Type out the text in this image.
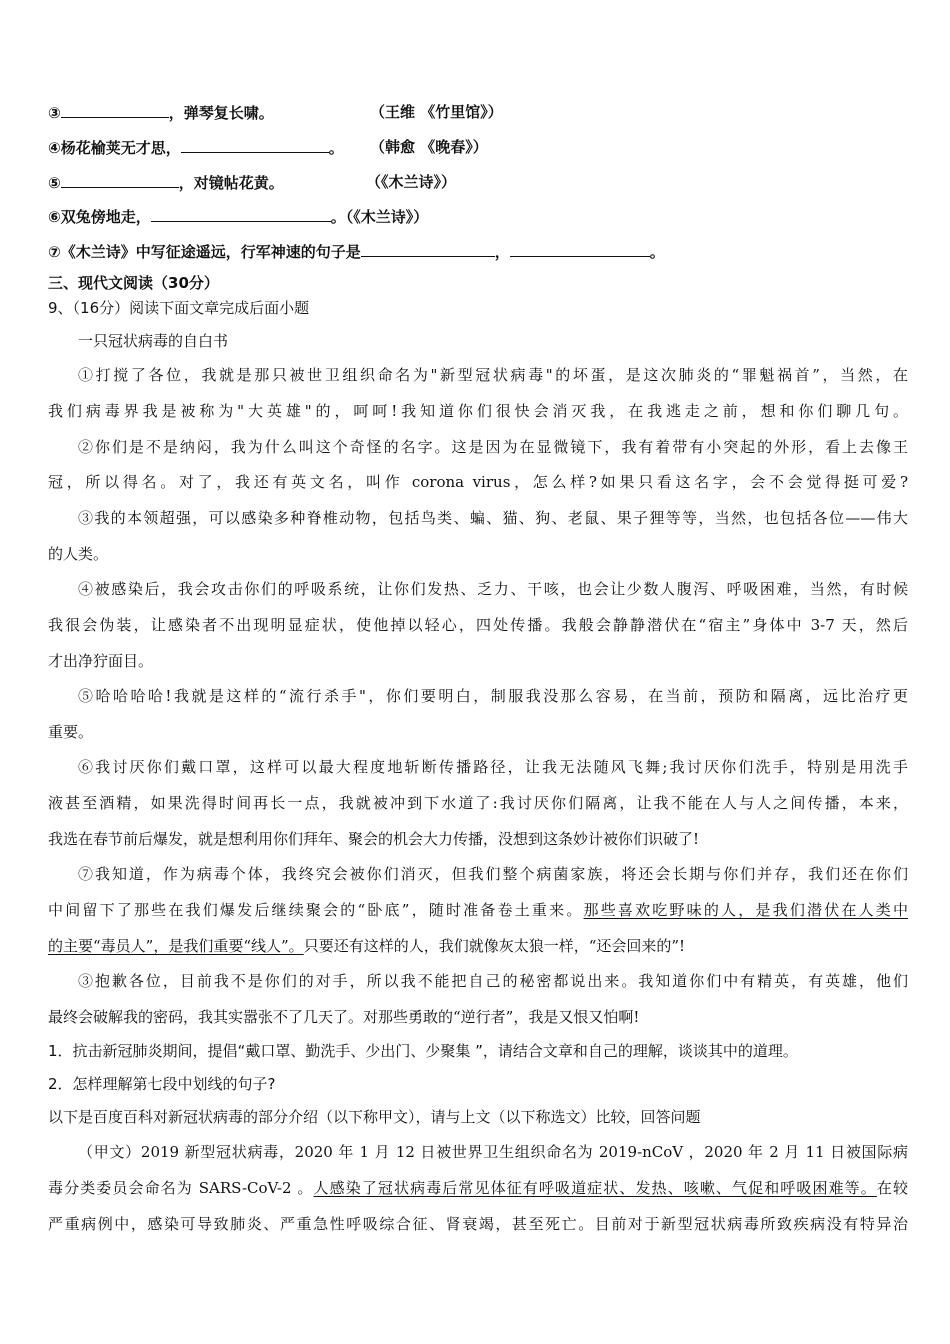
③	，弹琴复长啸。	（王维 《竹里馆》）
④杨花榆荚无才思，	。 （韩愈 《晚春》）
⑤	，对镜帖花黄。	（《木兰诗》）
⑥双兔傍地走，	。（《木兰诗》）
⑦《木兰诗》中写征途遥远，行军神速的句子是	，	。
三、现代文阅读（30分）
9、（16分）阅读下面文章完成后面小题
一只冠状病毒的自白书
①打搅了各位，我就是那只被世卫组织命名为"新型冠状病毒"的坏蛋，是这次肺炎的“罪魁祸首”，当然，在
我们病毒界我是被称为"大英雄"的，呵呵!我知道你们很快会消灭我，在我逃走之前，想和你们聊几句。
②你们是不是纳闷，我为什么叫这个奇怪的名字。这是因为在显微镜下，我有着带有小突起的外形，看上去像王
冠，所以得名。对了，我还有英文名，叫作 corona virus，怎么样?如果只看这名字，会不会觉得挺可爱?
③我的本领超强，可以感染多种脊椎动物，包括鸟类、蝙、猫、狗、老鼠、果子狸等等，当然，也包括各位——伟大
的人类。
④被感染后，我会攻击你们的呼吸系统，让你们发热、乏力、干咳，也会让少数人腹泻、呼吸困难，当然，有时候
我很会伪装，让感染者不出现明显症状，使他掉以轻心，四处传播。我般会静静潜伏在“宿主”身体中 3-7 天，然后
才出净狞面目。
⑤哈哈哈哈!我就是这样的“流行杀手"，你们要明白，制服我没那么容易，在当前，预防和隔离，远比治疗更
重要。
⑥我讨厌你们戴口罩，这样可以最大程度地斩断传播路径，让我无法随风飞舞;我讨厌你们洗手，特别是用洗手
液甚至酒精，如果洗得时间再长一点，我就被冲到下水道了:我讨厌你们隔离，让我不能在人与人之间传播，本来，
我选在春节前后爆发，就是想利用你们拜年、聚会的机会大力传播，没想到这条妙计被你们识破了!
⑦我知道，作为病毒个体，我终究会被你们消灭，但我们整个病菌家族，将还会长期与你们并存，我们还在你们
中间留下了那些在我们爆发后继续聚会的“卧底”，随时准备卷土重来。那些喜欢吃野味的人，是我们潜伏在人类中
的主要“毒员人”，是我们重要“线人”。只要还有这样的人，我们就像灰太狼一样，“还会回来的”!
③抱歉各位，目前我不是你们的对手，所以我不能把自己的秘密都说出来。我知道你们中有精英，有英雄，他们
最终会破解我的密码，我其实嚣张不了几天了。对那些勇敢的“逆行者”，我是又恨又怕啊!
1．抗击新冠肺炎期间，提倡“戴口罩、勤洗手、少出门、少聚集 ”，请结合文章和自己的理解，谈谈其中的道理。
2．怎样理解第七段中划线的句子?
以下是百度百科对新冠状病毒的部分介绍（以下称甲文），请与上文（以下称选文）比较，回答问题
（甲文）2019 新型冠状病毒，2020 年 1 月 12 日被世界卫生组织命名为 2019-nCoV ，2020 年 2 月 11 日被国际病
毒分类委员会命名为 SARS-CoV-2 。人感染了冠状病毒后常见体征有呼吸道症状、发热、咳嗽、气促和呼吸困难等。在较
严重病例中，感染可导致肺炎、严重急性呼吸综合征、肾衰竭，甚至死亡。目前对于新型冠状病毒所致疾病没有特异治
